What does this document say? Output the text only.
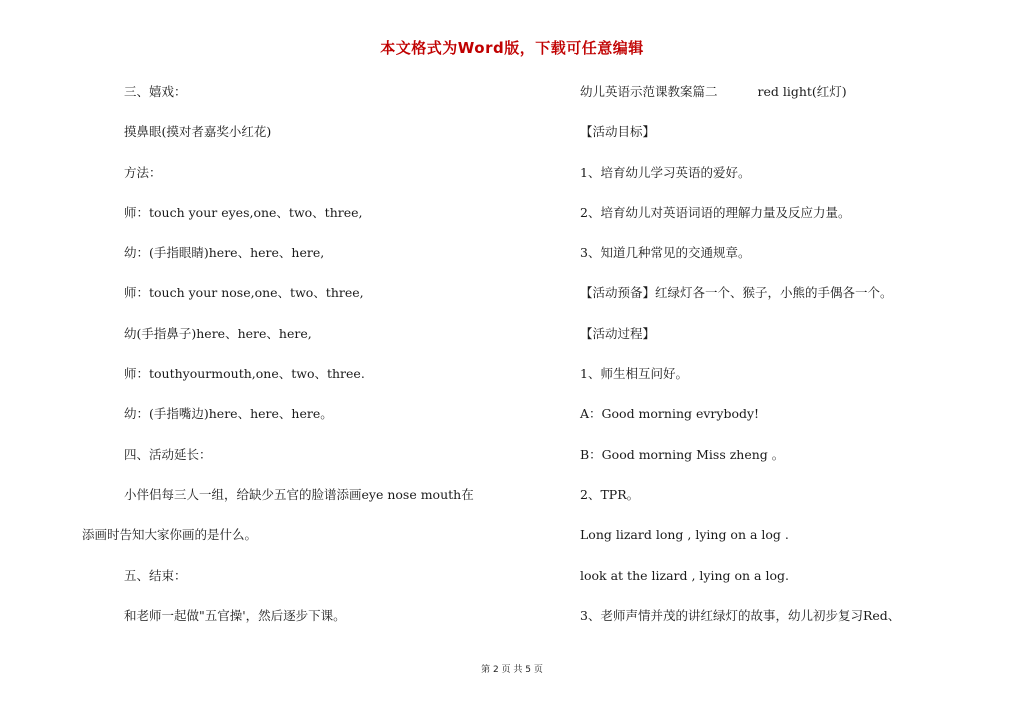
本文格式为Word版，下载可任意编辑
三、嬉戏：
摸鼻眼(摸对者嘉奖小红花)
方法：
师：touch your eyes,one、two、three,
幼：(手指眼睛)here、here、here,
师：touch your nose,one、two、three,
幼(手指鼻子)here、here、here,
师：touthyourmouth,one、two、three.
幼：(手指嘴边)here、here、here。
四、活动延长：
小伴侣每三人一组，给缺少五官的脸谱添画eye nose mouth在
添画时告知大家你画的是什么。
五、结束：
和老师一起做"五官操'，然后逐步下课。
幼儿英语示范课教案篇二	red light(红灯)
【活动目标】
1、培育幼儿学习英语的爱好。
2、培育幼儿对英语词语的理解力量及反应力量。
3、知道几种常见的交通规章。
【活动预备】红绿灯各一个、猴子，小熊的手偶各一个。
【活动过程】
1、师生相互问好。
A：Good morning evrybody!
B：Good morning Miss zheng 。
2、TPR。
Long lizard long , lying on a log .
look at the lizard , lying on a log.
3、老师声情并茂的讲红绿灯的故事，幼儿初步复习Red、
第 2 页 共 5 页
